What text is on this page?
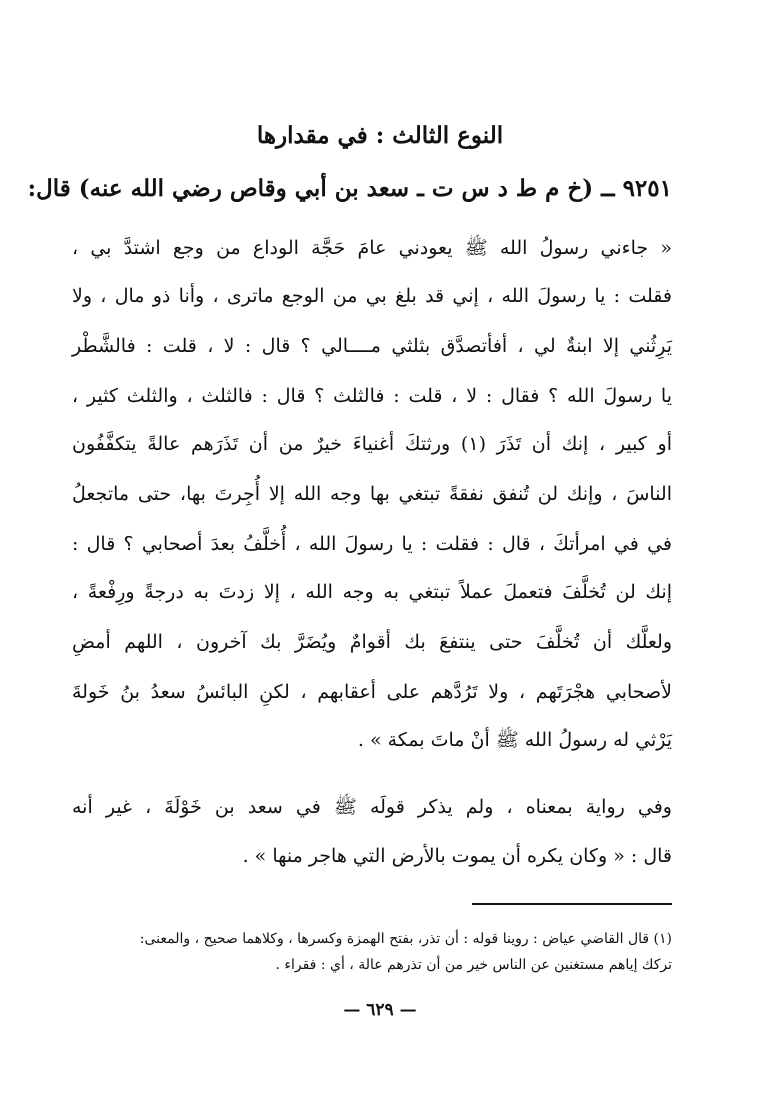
النوع الثالث : في مقدارها
٩٢٥١ ــ (خ م ط د س ت ـ سعد بن أبي وقاص رضي الله عنه) قال:
« جاءني رسولُ الله ﷺ يعودني عامَ حَجَّة الوداع من وجع اشتدَّ بي ،
فقلت : يا رسولَ الله ، إني قد بلغ بي من الوجع ماترى ، وأنا ذو مال ، ولا
يَرِثُني إلا ابنةٌ لي ، أفأتصدَّق بثلثي مــــالي ؟ قال : لا ، قلت : فالشَّطْر
يا رسولَ الله ؟ فقال : لا ، قلت : فالثلث ؟ قال : فالثلث ، والثلث كثير ،
أو كبير ، إنك أن تَذَرَ (١) ورثتكَ أغنياءَ خيرٌ من أن تَذَرَهم عالةً يتكفَّفُون
الناسَ ، وإنك لن تُنفق نفقةً تبتغي بها وجه الله إلا أُجِرتَ بها، حتى ماتجعلُ
في في امرأتكَ ، قال : فقلت : يا رسولَ الله ، أُخلَّفُ بعدَ أصحابي ؟ قال :
إنك لن تُخلَّفَ فتعملَ عملاً تبتغي به وجه الله ، إلا زدتَ به درجةً ورِفْعةً ،
ولعلَّك أن تُخلَّفَ حتى ينتفعَ بك أقوامٌ ويُضَرَّ بك آخرون ، اللهم أمضِ
لأصحابي هجْرَتَهم ، ولا تَرُدَّهم على أعقابهم ، لكنِ البائسُ سعدُ بنُ خَولةَ
يَرْثي له رسولُ الله ﷺ أنْ ماتَ بمكة » .
وفي رواية بمعناه ، ولم يذكر قولَه ﷺ في سعد بن خَوْلَةَ ، غير أنه
قال : « وكان يكره أن يموت بالأرض التي هاجر منها » .
(١) قال القاضي عياض : روينا قوله : أن تذر، بفتح الهمزة وكسرها ، وكلاهما صحيح ، والمعنى:
تركك إياهم مستغنين عن الناس خير من أن تذرهم عالة ، أي : فقراء .
— ٦٢٩ —
